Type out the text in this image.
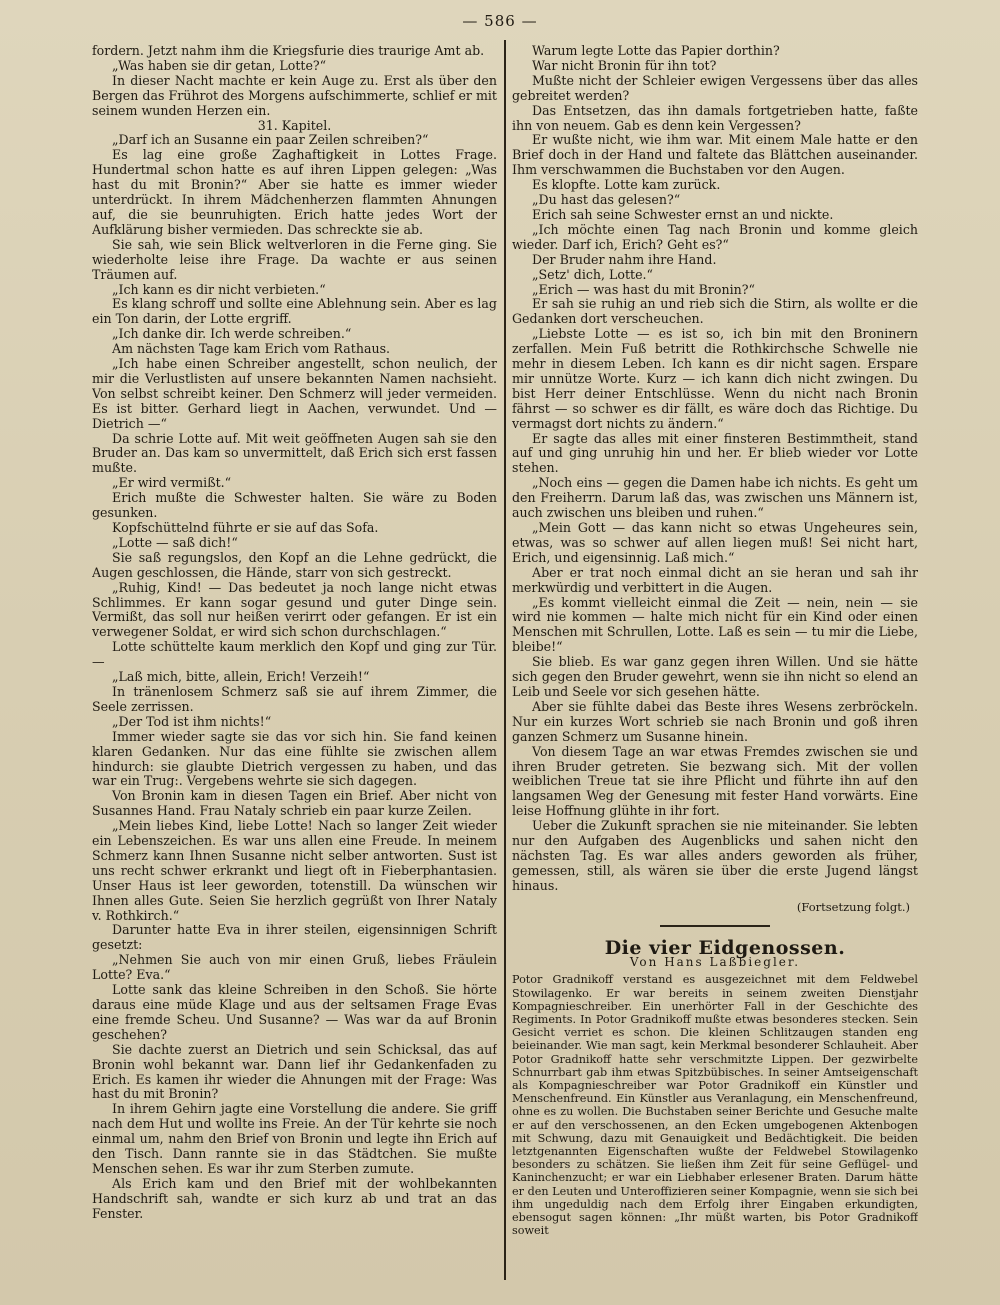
— 586 —

fordern. Jetzt nahm ihm die Kriegsfurie dies traurige Amt ab.

„Was haben sie dir getan, Lotte?“

In dieser Nacht machte er kein Auge zu. Erst als über den Bergen das Frührot des Morgens aufschimmerte, schlief er mit seinem wunden Herzen ein.

31. Kapitel.

„Darf ich an Susanne ein paar Zeilen schreiben?“

Es lag eine große Zaghaftigkeit in Lottes Frage. Hundertmal schon hatte es auf ihren Lippen gelegen: „Was hast du mit Bronin?“ Aber sie hatte es immer wieder unterdrückt. In ihrem Mädchenherzen flammten Ahnungen auf, die sie beunruhigten. Erich hatte jedes Wort der Aufklärung bisher vermieden. Das schreckte sie ab.

Sie sah, wie sein Blick weltverloren in die Ferne ging. Sie wiederholte leise ihre Frage. Da wachte er aus seinen Träumen auf.

„Ich kann es dir nicht verbieten.“

Es klang schroff und sollte eine Ablehnung sein. Aber es lag ein Ton darin, der Lotte ergriff.

„Ich danke dir. Ich werde schreiben.“

Am nächsten Tage kam Erich vom Rathaus.

„Ich habe einen Schreiber angestellt, schon neulich, der mir die Verlustlisten auf unsere bekannten Namen nachsieht. Von selbst schreibt keiner. Den Schmerz will jeder vermeiden. Es ist bitter. Gerhard liegt in Aachen, verwundet. Und — Dietrich —“

Da schrie Lotte auf. Mit weit geöffneten Augen sah sie den Bruder an. Das kam so unvermittelt, daß Erich sich erst fassen mußte.

„Er wird vermißt.“

Erich mußte die Schwester halten. Sie wäre zu Boden gesunken.

Kopfschüttelnd führte er sie auf das Sofa.

„Lotte — saß dich!“

Sie saß regungslos, den Kopf an die Lehne gedrückt, die Augen geschlossen, die Hände, starr von sich gestreckt.

„Ruhig, Kind! — Das bedeutet ja noch lange nicht etwas Schlimmes. Er kann sogar gesund und guter Dinge sein. Vermißt, das soll nur heißen verirrt oder gefangen. Er ist ein verwegener Soldat, er wird sich schon durchschlagen.“

Lotte schüttelte kaum merklich den Kopf und ging zur Tür. —

„Laß mich, bitte, allein, Erich! Verzeih!“

In tränenlosem Schmerz saß sie auf ihrem Zimmer, die Seele zerrissen.

„Der Tod ist ihm nichts!“

Immer wieder sagte sie das vor sich hin. Sie fand keinen klaren Gedanken. Nur das eine fühlte sie zwischen allem hindurch: sie glaubte Dietrich vergessen zu haben, und das war ein Trug:. Vergebens wehrte sie sich dagegen.

Von Bronin kam in diesen Tagen ein Brief. Aber nicht von Susannes Hand. Frau Nataly schrieb ein paar kurze Zeilen.

„Mein liebes Kind, liebe Lotte! Nach so langer Zeit wieder ein Lebenszeichen. Es war uns allen eine Freude. In meinem Schmerz kann Ihnen Susanne nicht selber antworten. Sust ist uns recht schwer erkrankt und liegt oft in Fieberphantasien. Unser Haus ist leer geworden, totenstill. Da wünschen wir Ihnen alles Gute. Seien Sie herzlich gegrüßt von Ihrer Nataly v. Rothkirch.“

Darunter hatte Eva in ihrer steilen, eigensinnigen Schrift gesetzt:

„Nehmen Sie auch von mir einen Gruß, liebes Fräulein Lotte? Eva.“

Lotte sank das kleine Schreiben in den Schoß. Sie hörte daraus eine müde Klage und aus der seltsamen Frage Evas eine fremde Scheu. Und Susanne? — Was war da auf Bronin geschehen?

Sie dachte zuerst an Dietrich und sein Schicksal, das auf Bronin wohl bekannt war. Dann lief ihr Gedankenfaden zu Erich. Es kamen ihr wieder die Ahnungen mit der Frage: Was hast du mit Bronin?

In ihrem Gehirn jagte eine Vorstellung die andere. Sie griff nach dem Hut und wollte ins Freie. An der Tür kehrte sie noch einmal um, nahm den Brief von Bronin und legte ihn Erich auf den Tisch. Dann rannte sie in das Städtchen. Sie mußte Menschen sehen. Es war ihr zum Sterben zumute.

Als Erich kam und den Brief mit der wohlbekannten Handschrift sah, wandte er sich kurz ab und trat an das Fenster.

Warum legte Lotte das Papier dorthin?

War nicht Bronin für ihn tot?

Mußte nicht der Schleier ewigen Vergessens über das alles gebreitet werden?

Das Entsetzen, das ihn damals fortgetrieben hatte, faßte ihn von neuem. Gab es denn kein Vergessen?

Er wußte nicht, wie ihm war. Mit einem Male hatte er den Brief doch in der Hand und faltete das Blättchen auseinander. Ihm verschwammen die Buchstaben vor den Augen.

Es klopfte. Lotte kam zurück.

„Du hast das gelesen?“

Erich sah seine Schwester ernst an und nickte.

„Ich möchte einen Tag nach Bronin und komme gleich wieder. Darf ich, Erich? Geht es?“

Der Bruder nahm ihre Hand.

„Setz' dich, Lotte.“

„Erich — was hast du mit Bronin?“

Er sah sie ruhig an und rieb sich die Stirn, als wollte er die Gedanken dort verscheuchen.

„Liebste Lotte — es ist so, ich bin mit den Broninern zerfallen. Mein Fuß betritt die Rothkirchsche Schwelle nie mehr in diesem Leben. Ich kann es dir nicht sagen. Erspare mir unnütze Worte. Kurz — ich kann dich nicht zwingen. Du bist Herr deiner Entschlüsse. Wenn du nicht nach Bronin fährst — so schwer es dir fällt, es wäre doch das Richtige. Du vermagst dort nichts zu ändern.“

Er sagte das alles mit einer finsteren Bestimmtheit, stand auf und ging unruhig hin und her. Er blieb wieder vor Lotte stehen.

„Noch eins — gegen die Damen habe ich nichts. Es geht um den Freiherrn. Darum laß das, was zwischen uns Männern ist, auch zwischen uns bleiben und ruhen.“

„Mein Gott — das kann nicht so etwas Ungeheures sein, etwas, was so schwer auf allen liegen muß! Sei nicht hart, Erich, und eigensinnig. Laß mich.“

Aber er trat noch einmal dicht an sie heran und sah ihr merkwürdig und verbittert in die Augen.

„Es kommt vielleicht einmal die Zeit — nein, nein — sie wird nie kommen — halte mich nicht für ein Kind oder einen Menschen mit Schrullen, Lotte. Laß es sein — tu mir die Liebe, bleibe!“

Sie blieb. Es war ganz gegen ihren Willen. Und sie hätte sich gegen den Bruder gewehrt, wenn sie ihn nicht so elend an Leib und Seele vor sich gesehen hätte.

Aber sie fühlte dabei das Beste ihres Wesens zerbröckeln. Nur ein kurzes Wort schrieb sie nach Bronin und goß ihren ganzen Schmerz um Susanne hinein.

Von diesem Tage an war etwas Fremdes zwischen sie und ihren Bruder getreten. Sie bezwang sich. Mit der vollen weiblichen Treue tat sie ihre Pflicht und führte ihn auf den langsamen Weg der Genesung mit fester Hand vorwärts. Eine leise Hoffnung glühte in ihr fort.

Ueber die Zukunft sprachen sie nie miteinander. Sie lebten nur den Aufgaben des Augenblicks und sahen nicht den nächsten Tag. Es war alles anders geworden als früher, gemessen, still, als wären sie über die erste Jugend längst hinaus.

(Fortsetzung folgt.)

Die vier Eidgenossen.

Von Hans Laßbiegler.

Potor Gradnikoff verstand es ausgezeichnet mit dem Feldwebel Stowilagenko. Er war bereits in seinem zweiten Dienstjahr Kompagnieschreiber. Ein unerhörter Fall in der Geschichte des Regiments. In Potor Gradnikoff mußte etwas besonderes stecken. Sein Gesicht verriet es schon. Die kleinen Schlitzaugen standen eng beieinander. Wie man sagt, kein Merkmal besonderer Schlauheit. Aber Potor Gradnikoff hatte sehr verschmitzte Lippen. Der gezwirbelte Schnurrbart gab ihm etwas Spitzbübisches. In seiner Amtseigenschaft als Kompagnieschreiber war Potor Gradnikoff ein Künstler und Menschenfreund. Ein Künstler aus Veranlagung, ein Menschenfreund, ohne es zu wollen. Die Buchstaben seiner Berichte und Gesuche malte er auf den verschossenen, an den Ecken umgebogenen Aktenbogen mit Schwung, dazu mit Genauigkeit und Bedächtigkeit. Die beiden letztgenannten Eigenschaften wußte der Feldwebel Stowilagenko besonders zu schätzen. Sie ließen ihm Zeit für seine Geflügel- und Kaninchenzucht; er war ein Liebhaber erlesener Braten. Darum hätte er den Leuten und Unteroffizieren seiner Kompagnie, wenn sie sich bei ihm ungeduldig nach dem Erfolg ihrer Eingaben erkundigten, ebensogut sagen können: „Ihr müßt warten, bis Potor Gradnikoff soweit
